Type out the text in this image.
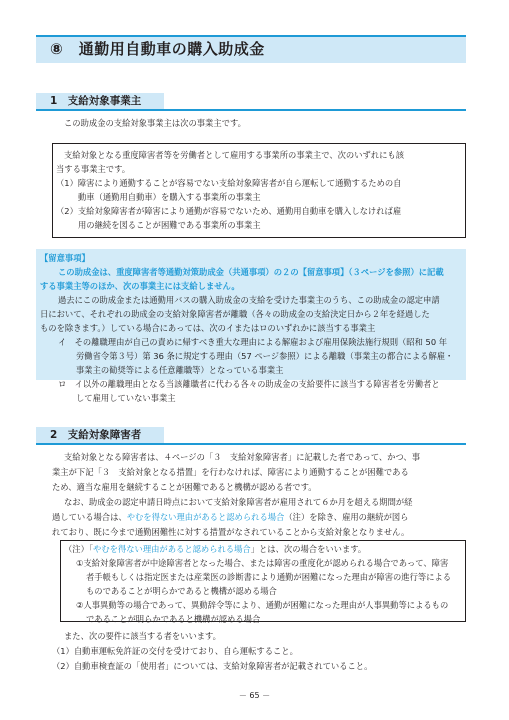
⑧　通勤用自動車の購入助成金
1　支給対象事業主
この助成金の支給対象事業主は次の事業主です。
支給対象となる重度障害者等を労働者として雇用する事業所の事業主で、次のいずれにも該
当する事業主です。
（1）障害により通勤することが容易でない支給対象障害者が自ら運転して通勤するための自
動車（通勤用自動車）を購入する事業所の事業主
（2）支給対象障害者が障害により通勤が容易でないため、通勤用自動車を購入しなければ雇
用の継続を図ることが困難である事業所の事業主
【留意事項】
この助成金は、重度障害者等通勤対策助成金（共通事項）の２の【留意事項】（３ページを参照）に記載
する事業主等のほか、次の事業主には支給しません。
過去にこの助成金または通勤用バスの購入助成金の支給を受けた事業主のうち、この助成金の認定申請
日において、それぞれの助成金の支給対象障害者が離職（各々の助成金の支給決定日から２年を経過した
ものを除きます。）している場合にあっては、次のイまたはロのいずれかに該当する事業主
イ　その離職理由が自己の責めに帰すべき重大な理由による解雇および雇用保険法施行規則（昭和 50 年
労働省令第３号）第 36 条に規定する理由（57 ページ参照）による離職（事業主の都合による解雇・
事業主の勧奨等による任意離職等）となっている事業主
ロ　イ以外の離職理由となる当該離職者に代わる各々の助成金の支給要件に該当する障害者を労働者と
して雇用していない事業主
2　支給対象障害者
支給対象となる障害者は、４ページの「３　支給対象障害者」に記載した者であって、かつ、事
業主が下記「３　支給対象となる措置」を行わなければ、障害により通勤することが困難である
ため、適当な雇用を継続することが困難であると機構が認める者です。
なお、助成金の認定申請日時点において支給対象障害者が雇用されて６か月を超える期間が経
過している場合は、やむを得ない理由があると認められる場合（注）を除き、雇用の継続が図ら
れており、既に今まで通勤困難性に対する措置がなされていることから支給対象となりません。
（注）「やむを得ない理由があると認められる場合」とは、次の場合をいいます。
①支給対象障害者が中途障害者となった場合、または障害の重度化が認められる場合であって、障害
者手帳もしくは指定医または産業医の診断書により通勤が困難になった理由が障害の進行等による
ものであることが明らかであると機構が認める場合
②人事異動等の場合であって、異動辞令等により、通勤が困難になった理由が人事異動等によるもの
であることが明らかであると機構が認める場合
また、次の要件に該当する者をいいます。
（1）自動車運転免許証の交付を受けており、自ら運転すること。
（2）自動車検査証の「使用者」については、支給対象障害者が記載されていること。
－ 65 －
